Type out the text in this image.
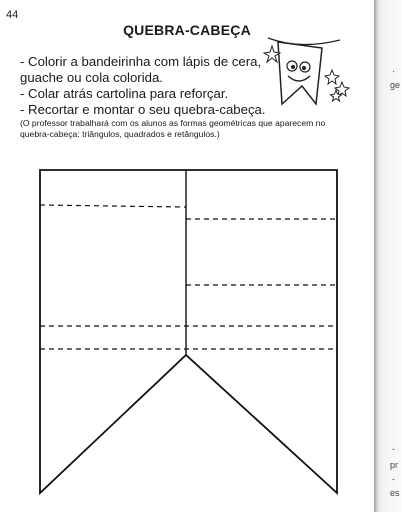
44
QUEBRA-CABEÇA
- Colorir a bandeirinha com lápis de cera,
guache ou cola colorida.
- Colar atrás cartolina para reforçar.
- Recortar e montar o seu quebra-cabeça.
(O professor trabalhará com os alunos as formas geométricas que aparecem no
quebra-cabeça: triângulos, quadrados e retângulos.)
·
ge
-
pr
-
es
